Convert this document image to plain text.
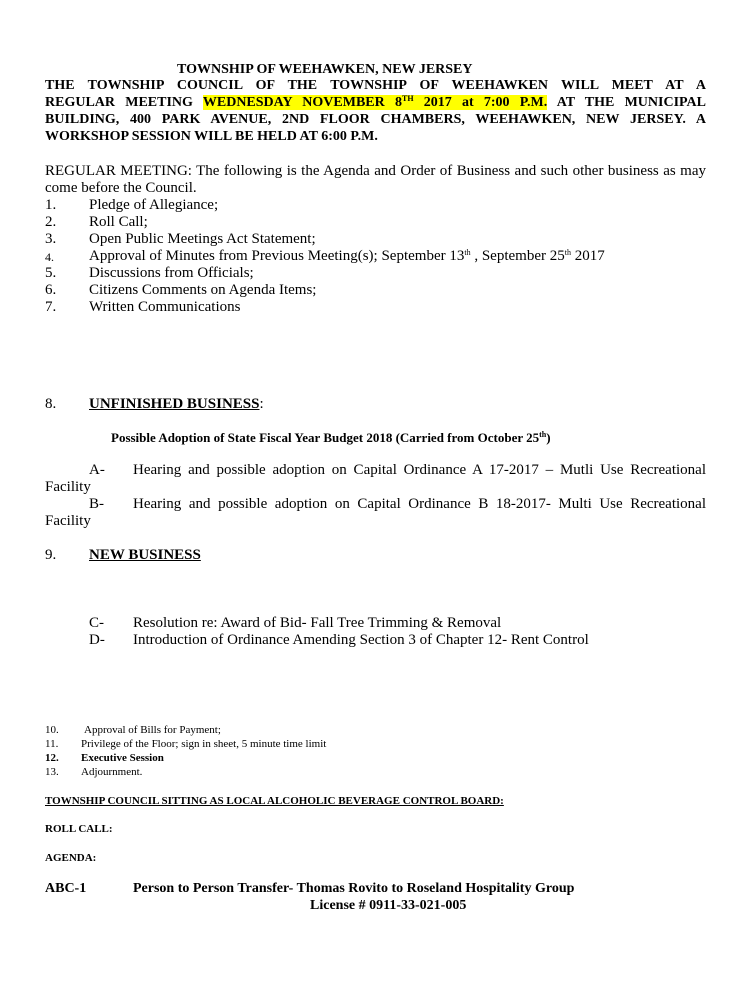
TOWNSHIP OF WEEHAWKEN, NEW JERSEY
THE TOWNSHIP COUNCIL OF THE TOWNSHIP OF WEEHAWKEN WILL MEET AT A
REGULAR MEETING WEDNESDAY NOVEMBER 8TH 2017 at 7:00 P.M. AT THE MUNICIPAL
BUILDING, 400 PARK AVENUE, 2ND FLOOR CHAMBERS, WEEHAWKEN, NEW JERSEY. A
WORKSHOP SESSION WILL BE HELD AT 6:00 P.M.
REGULAR MEETING: The following is the Agenda and Order of Business and such other business as may
come before the Council.
1. Pledge of Allegiance;
2. Roll Call;
3. Open Public Meetings Act Statement;
4. Approval of Minutes from Previous Meeting(s); September 13th , September 25th 2017
5. Discussions from Officials;
6. Citizens Comments on Agenda Items;
7. Written Communications
8. UNFINISHED BUSINESS:
Possible Adoption of State Fiscal Year Budget 2018 (Carried from October 25th)
A- Hearing and possible adoption on Capital Ordinance A 17-2017 – Mutli Use Recreational
Facility
B- Hearing and possible adoption on Capital Ordinance B 18-2017- Multi Use Recreational
Facility
9. NEW BUSINESS
C- Resolution re: Award of Bid- Fall Tree Trimming & Removal
D- Introduction of Ordinance Amending Section 3 of Chapter 12- Rent Control
10. Approval of Bills for Payment;
11. Privilege of the Floor; sign in sheet, 5 minute time limit
12. Executive Session
13. Adjournment.
TOWNSHIP COUNCIL SITTING AS LOCAL ALCOHOLIC BEVERAGE CONTROL BOARD:
ROLL CALL:
AGENDA:
ABC-1	Person to Person Transfer- Thomas Rovito to Roseland Hospitality Group
License # 0911-33-021-005
